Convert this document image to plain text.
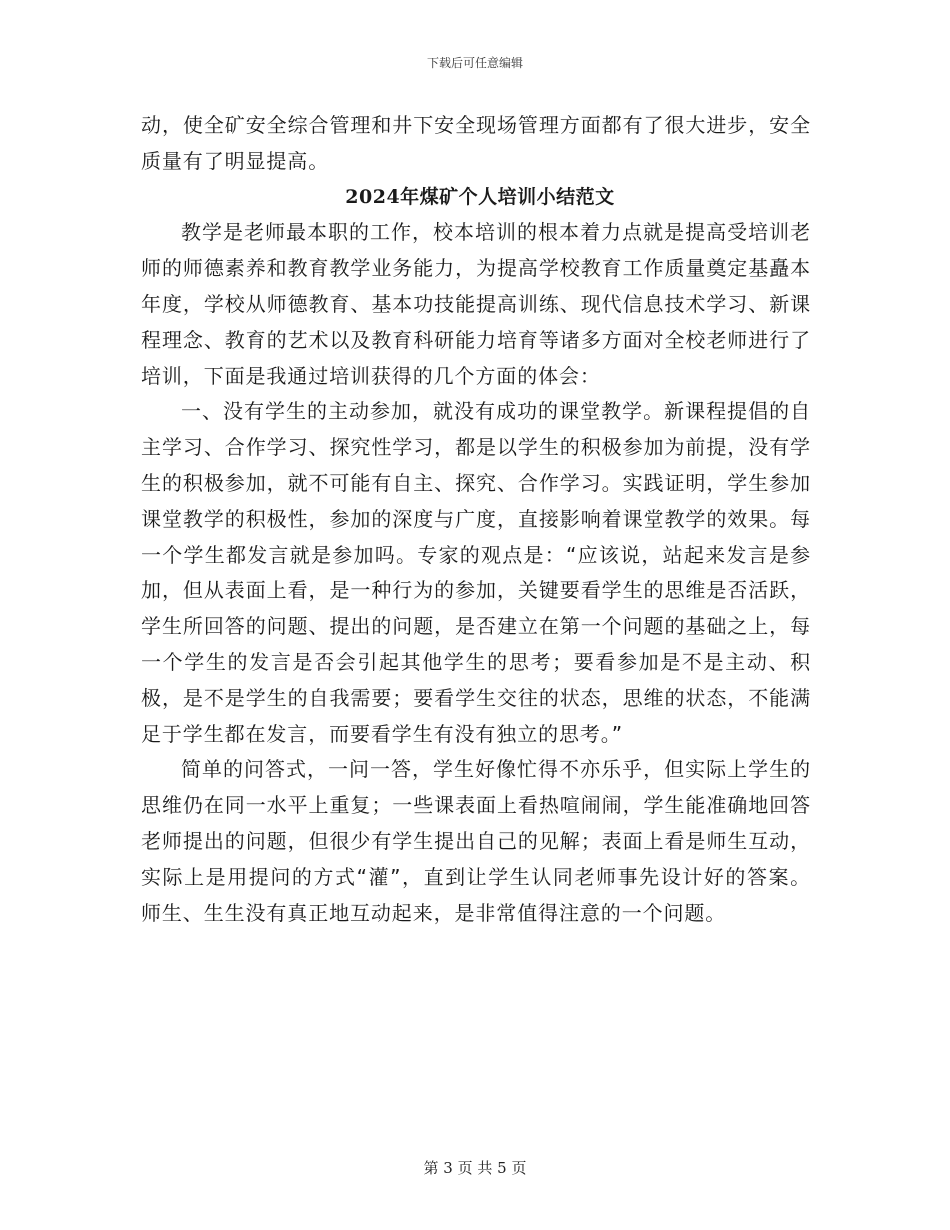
下载后可任意编辑

动，使全矿安全综合管理和井下安全现场管理方面都有了很大进步，安全质量有了明显提高。

2024年煤矿个人培训小结范文

教学是老师最本职的工作，校本培训的根本着力点就是提高受培训老师的师德素养和教育教学业务能力，为提高学校教育工作质量奠定基矗本年度，学校从师德教育、基本功技能提高训练、现代信息技术学习、新课程理念、教育的艺术以及教育科研能力培育等诸多方面对全校老师进行了培训，下面是我通过培训获得的几个方面的体会：

一、没有学生的主动参加，就没有成功的课堂教学。新课程提倡的自主学习、合作学习、探究性学习，都是以学生的积极参加为前提，没有学生的积极参加，就不可能有自主、探究、合作学习。实践证明，学生参加课堂教学的积极性，参加的深度与广度，直接影响着课堂教学的效果。每一个学生都发言就是参加吗。专家的观点是：“应该说，站起来发言是参加，但从表面上看，是一种行为的参加，关键要看学生的思维是否活跃，学生所回答的问题、提出的问题，是否建立在第一个问题的基础之上，每一个学生的发言是否会引起其他学生的思考；要看参加是不是主动、积极，是不是学生的自我需要；要看学生交往的状态，思维的状态，不能满足于学生都在发言，而要看学生有没有独立的思考。”

简单的问答式，一问一答，学生好像忙得不亦乐乎，但实际上学生的思维仍在同一水平上重复；一些课表面上看热喧闹闹，学生能准确地回答老师提出的问题，但很少有学生提出自己的见解；表面上看是师生互动，实际上是用提问的方式“灌”，直到让学生认同老师事先设计好的答案。师生、生生没有真正地互动起来，是非常值得注意的一个问题。

第 3 页 共 5 页
